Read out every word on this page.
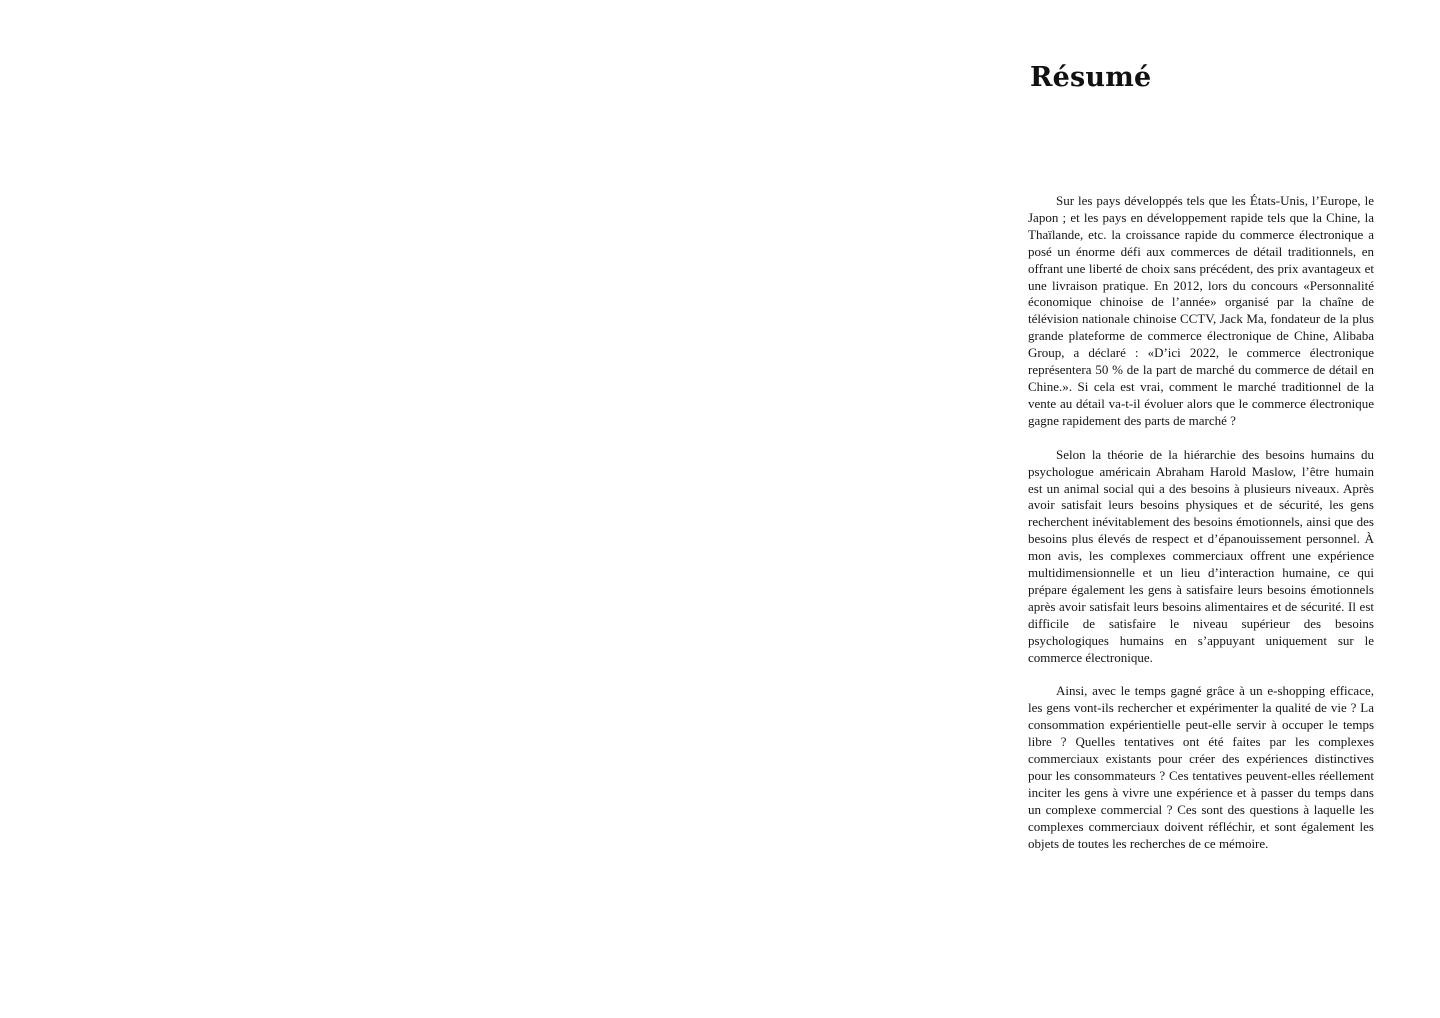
Résumé

Sur les pays développés tels que les États-Unis, l’Europe, le Japon ; et les pays en développement rapide tels que la Chine, la Thaïlande, etc. la croissance rapide du commerce électronique a posé un énorme défi aux commerces de détail traditionnels, en offrant une liberté de choix sans précédent, des prix avantageux et une livraison pratique. En 2012, lors du concours «Personnalité économique chinoise de l’année» organisé par la chaîne de télévision nationale chinoise CCTV, Jack Ma, fondateur de la plus grande plateforme de commerce électronique de Chine, Alibaba Group, a déclaré : «D’ici 2022, le commerce électronique représentera 50 % de la part de marché du commerce de détail en Chine.». Si cela est vrai, comment le marché traditionnel de la vente au détail va-t-il évoluer alors que le commerce électronique gagne rapidement des parts de marché ?

Selon la théorie de la hiérarchie des besoins humains du psychologue américain Abraham Harold Maslow, l’être humain est un animal social qui a des besoins à plusieurs niveaux. Après avoir satisfait leurs besoins physiques et de sécurité, les gens recherchent inévitablement des besoins émotionnels, ainsi que des besoins plus élevés de respect et d’épanouissement personnel. À mon avis, les complexes commerciaux offrent une expérience multidimensionnelle et un lieu d’interaction humaine, ce qui prépare également les gens à satisfaire leurs besoins émotionnels après avoir satisfait leurs besoins alimentaires et de sécurité. Il est difficile de satisfaire le niveau supérieur des besoins psychologiques humains en s’appuyant uniquement sur le commerce électronique.

Ainsi, avec le temps gagné grâce à un e-shopping efficace, les gens vont-ils rechercher et expérimenter la qualité de vie ? La consommation expérientielle peut-elle servir à occuper le temps libre ? Quelles tentatives ont été faites par les complexes commerciaux existants pour créer des expériences distinctives pour les consommateurs ? Ces tentatives peuvent-elles réellement inciter les gens à vivre une expérience et à passer du temps dans un complexe commercial ? Ces sont des questions à laquelle les complexes commerciaux doivent réfléchir, et sont également les objets de toutes les recherches de ce mémoire.
